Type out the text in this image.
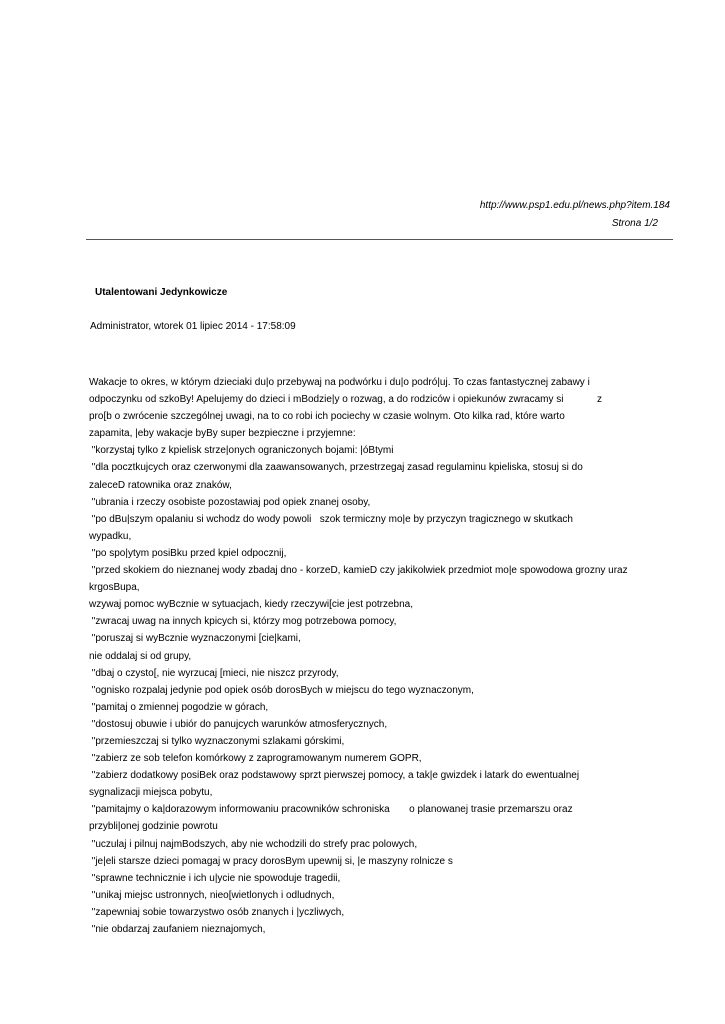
http://www.psp1.edu.pl/news.php?item.184
Strona 1/2
Utalentowani Jedynkowicze
Administrator, wtorek 01 lipiec 2014 - 17:58:09
z
Wakacje to okres, w którym dzieciaki du|o przebywaj na podwórku i du|o podró|uj. To czas fantastycznej zabawy i
odpoczynku od szkoBy! Apelujemy do dzieci i mBodzie|y o rozwag, a do rodziców i opiekunów zwracamy si
pro[b o zwrócenie szczególnej uwagi, na to co robi ich pociechy w czasie wolnym. Oto kilka rad, które warto
zapamita, |eby wakacje byBy super bezpieczne i przyjemne:
"korzystaj tylko z kpielisk strze|onych ograniczonych bojami: |óBtymi
"dla pocztkujcych oraz czerwonymi dla zaawansowanych, przestrzegaj zasad regulaminu kpieliska, stosuj si do
zaleceD ratownika oraz znaków,
"ubrania i rzeczy osobiste pozostawiaj pod opiek znanej osoby,
"po dBu|szym opalaniu si wchodz do wody powoli   szok termiczny mo|e by przyczyn tragicznego w skutkach
wypadku,
"po spo|ytym posiBku przed kpiel odpocznij,
"przed skokiem do nieznanej wody zbadaj dno - korzeD, kamieD czy jakikolwiek przedmiot mo|e spowodowa grozny uraz
krgosBupa,
wzywaj pomoc wyBcznie w sytuacjach, kiedy rzeczywi[cie jest potrzebna,
"zwracaj uwag na innych kpicych si, którzy mog potrzebowa pomocy,
"poruszaj si wyBcznie wyznaczonymi [cie|kami,
nie oddalaj si od grupy,
"dbaj o czysto[, nie wyrzucaj [mieci, nie niszcz przyrody,
"ognisko rozpalaj jedynie pod opiek osób dorosBych w miejscu do tego wyznaczonym,
"pamitaj o zmiennej pogodzie w górach,
"dostosuj obuwie i ubiór do panujcych warunków atmosferycznych,
"przemieszczaj si tylko wyznaczonymi szlakami górskimi,
"zabierz ze sob telefon komórkowy z zaprogramowanym numerem GOPR,
"zabierz dodatkowy posiBek oraz podstawowy sprzt pierwszej pomocy, a tak|e gwizdek i latark do ewentualnej
sygnalizacji miejsca pobytu,
"pamitajmy o ka|dorazowym informowaniu pracowników schroniska       o planowanej trasie przemarszu oraz
przybli|onej godzinie powrotu
"uczulaj i pilnuj najmBodszych, aby nie wchodzili do strefy prac polowych,
"je|eli starsze dzieci pomagaj w pracy dorosBym upewnij si, |e maszyny rolnicze s
"sprawne technicznie i ich u|ycie nie spowoduje tragedii,
"unikaj miejsc ustronnych, nieo[wietlonych i odludnych,
"zapewniaj sobie towarzystwo osób znanych i |yczliwych,
"nie obdarzaj zaufaniem nieznajomych,
